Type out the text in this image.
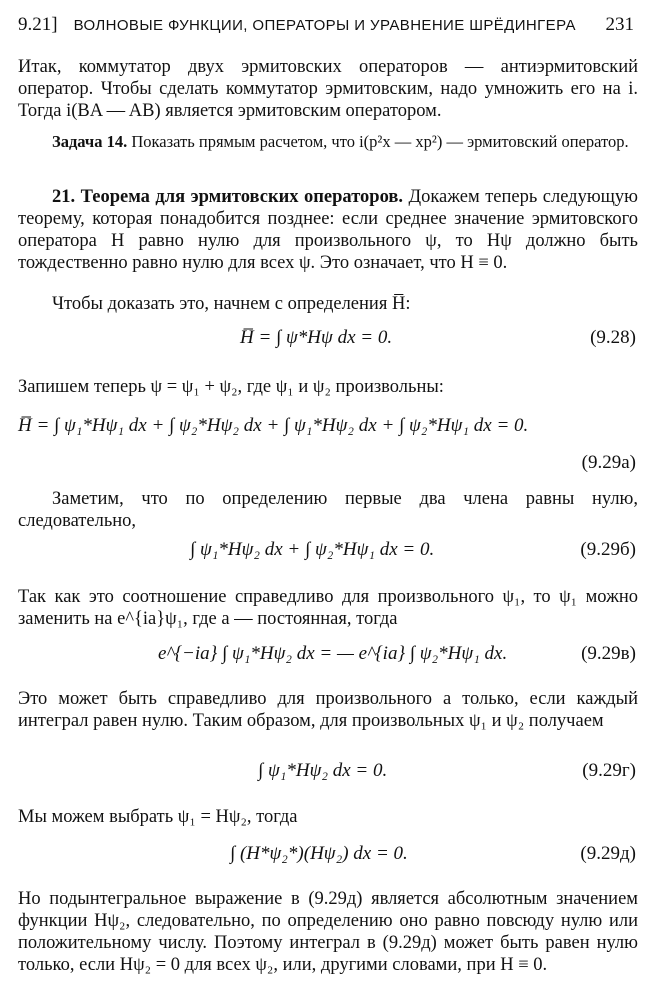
9.21] ВОЛНОВЫЕ ФУНКЦИИ, ОПЕРАТОРЫ И УРАВНЕНИЕ ШРЁДИНГЕРА 231

Итак, коммутатор двух эрмитовских операторов — антиэрмитовский оператор. Чтобы сделать коммутатор эрмитовским, надо умножить его на i. Тогда i(BA — AB) является эрмитовским оператором.

Задача 14. Показать прямым расчетом, что i(p²x — xp²) — эрмитовский оператор.

21. Теорема для эрмитовских операторов. Докажем теперь следующую теорему, которая понадобится позднее: если среднее значение эрмитовского оператора H равно нулю для произвольного ψ, то Hψ должно быть тождественно равно нулю для всех ψ. Это означает, что H ≡ 0.

Чтобы доказать это, начнем с определения H̅:

H̅ = ∫ ψ*Hψ dx = 0.	(9.28)

Запишем теперь ψ = ψ₁ + ψ₂, где ψ₁ и ψ₂ произвольны:

H̅ = ∫ ψ₁*Hψ₁ dx + ∫ ψ₂*Hψ₂ dx + ∫ ψ₁*Hψ₂ dx + ∫ ψ₂*Hψ₁ dx = 0.
(9.29а)

Заметим, что по определению первые два члена равны нулю, следовательно,

∫ ψ₁*Hψ₂ dx + ∫ ψ₂*Hψ₁ dx = 0.	(9.29б)

Так как это соотношение справедливо для произвольного ψ₁, то ψ₁ можно заменить на e^{ia}ψ₁, где a — постоянная, тогда

e^{−ia} ∫ ψ₁*Hψ₂ dx = — e^{ia} ∫ ψ₂*Hψ₁ dx.	(9.29в)

Это может быть справедливо для произвольного a только, если каждый интеграл равен нулю. Таким образом, для произвольных ψ₁ и ψ₂ получаем

∫ ψ₁*Hψ₂ dx = 0.	(9.29г)

Мы можем выбрать ψ₁ = Hψ₂, тогда

∫ (H*ψ₂*)(Hψ₂) dx = 0.	(9.29д)

Но подынтегральное выражение в (9.29д) является абсолютным значением функции Hψ₂, следовательно, по определению оно равно повсюду нулю или положительному числу. Поэтому интеграл в (9.29д) может быть равен нулю только, если Hψ₂ = 0 для всех ψ₂, или, другими словами, при H ≡ 0.
